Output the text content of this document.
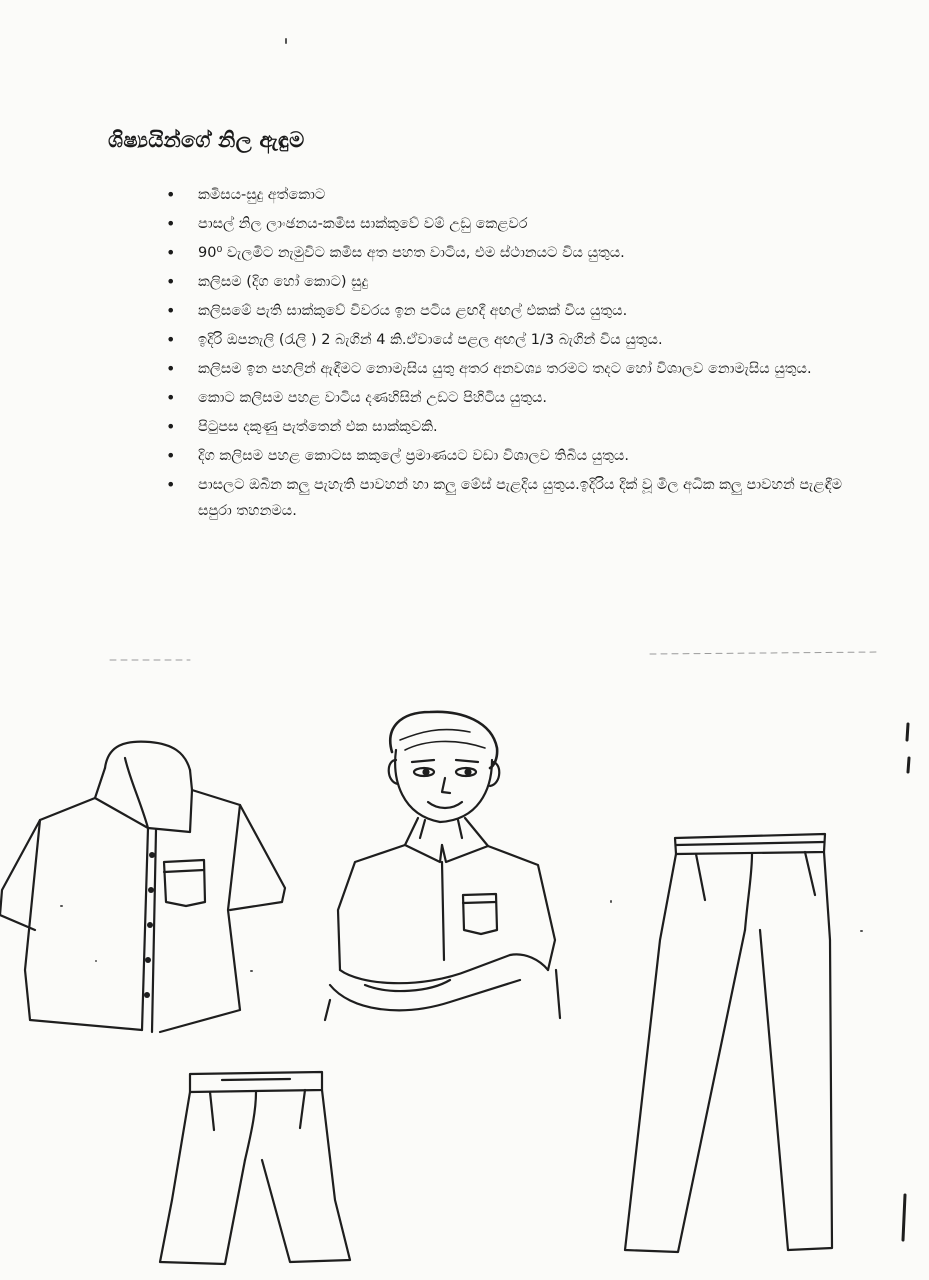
ශිෂ්‍යයින්ගේ නිල ඇඳුම
• කමිසය-සුදු අත්කොට
• පාසල් නිල ලාංඡනය-කමිස සාක්කුවේ වම් උඩු කෙළවර
• 90⁰ වැලමිට නැමුවිට කමිස අත පහත වාටිය, එම ස්ථානයට විය යුතුය.
• කලිසම (දිග හෝ කොට) සුදු
• කලිසමේ පැති සාක්කුවේ විවරය ඉන පටිය ළඟදී අඟල් එකක් විය යුතුය.
• ඉදිරි ඔපනැලි (රැලි ) 2 බැගින් 4 කි.ඒවායේ පළල අඟල් 1/3 බැගින් විය යුතුය.
• කලිසම ඉන පහලින් ඇඳීමට නොමැසිය යුතු අතර අනවශ්‍ය තරමට තදට හෝ විශාලව නොමැසිය යුතුය.
• කොට කලිසම පහළ වාටිය දණහිසින් උඩට පිහිටිය යුතුය.
• පිටුපස දකුණු පැත්තෙන් එක සාක්කුවකි.
• දිග කලිසම පහළ කොටස කකුලේ ප්‍රමාණයට වඩා විශාලව තිබිය යුතුය.
• පාසලට ඔබින කලු පැහැති පාවහන් හා කලු මේස් පැළදිය යුතුය.ඉදිරිය දික් වූ මිල අධික කලු පාවහන් පැළඳීම සපුරා තහනමය.
